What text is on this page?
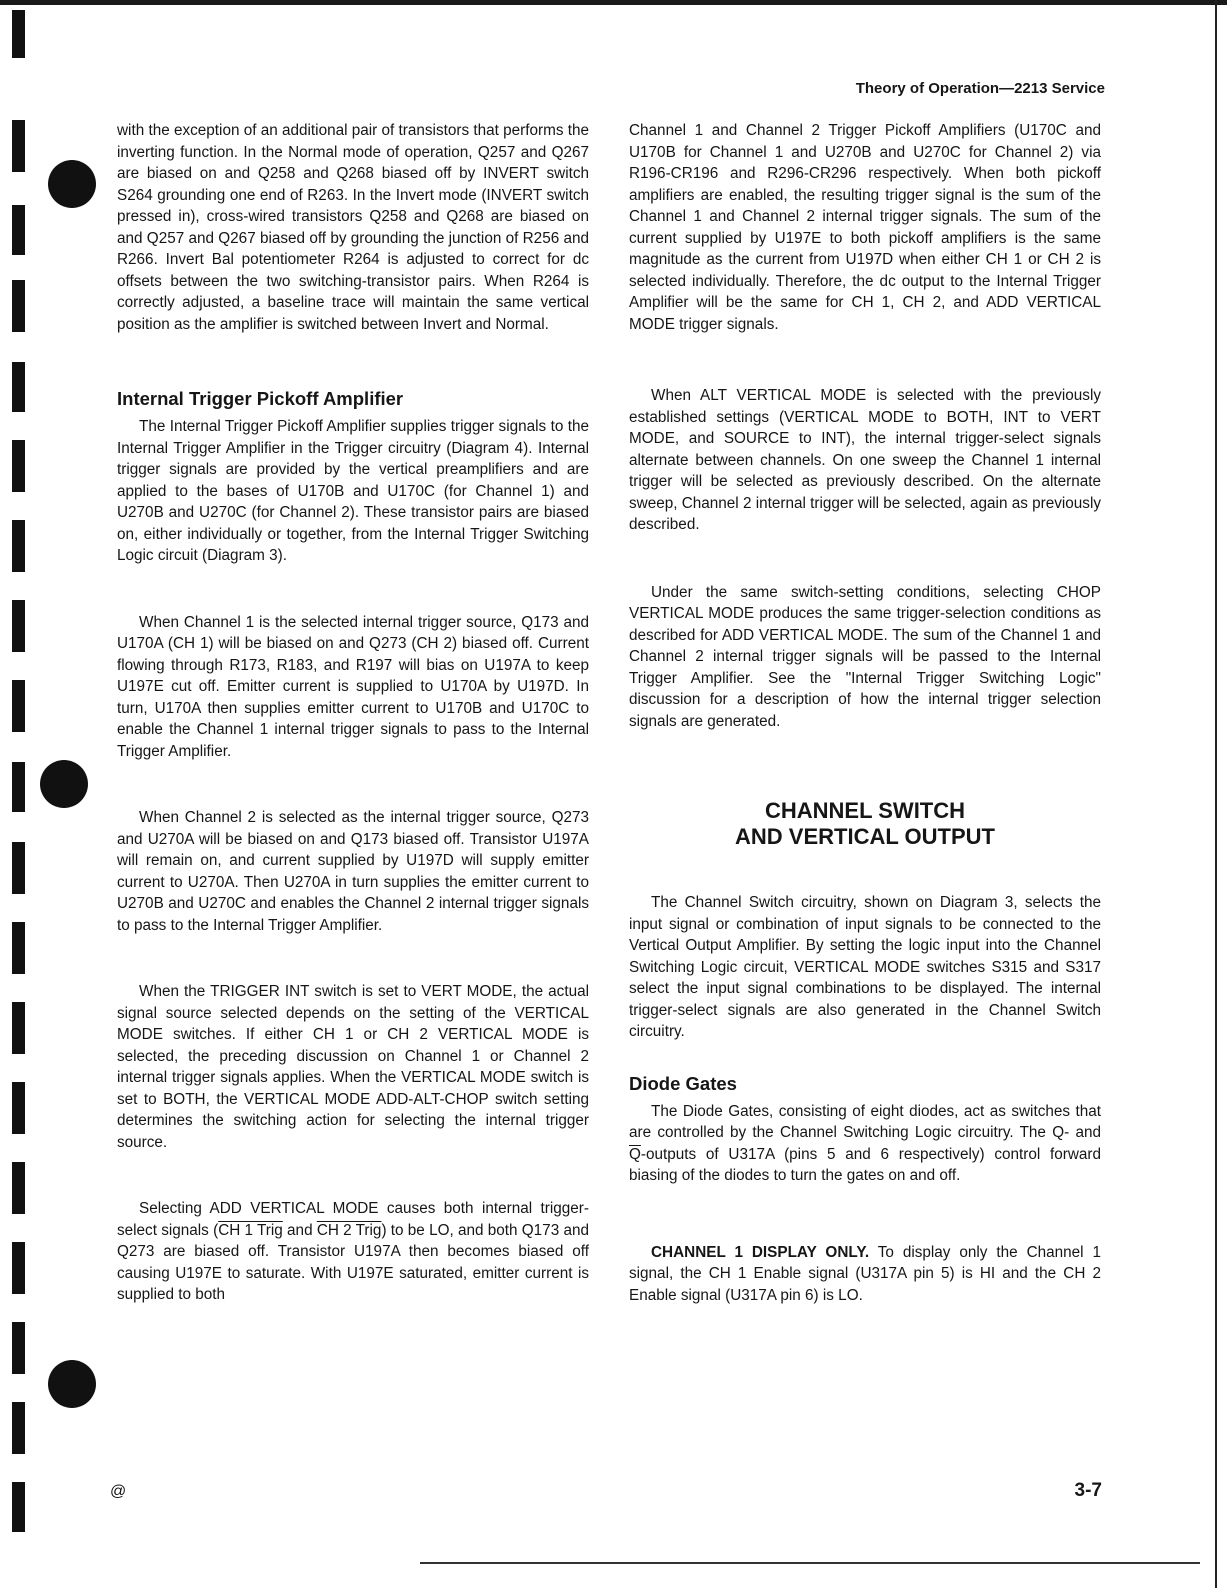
Theory of Operation—2213 Service

with the exception of an additional pair of transistors that performs the inverting function. In the Normal mode of operation, Q257 and Q267 are biased on and Q258 and Q268 biased off by INVERT switch S264 grounding one end of R263. In the Invert mode (INVERT switch pressed in), cross-wired transistors Q258 and Q268 are biased on and Q257 and Q267 biased off by grounding the junction of R256 and R266. Invert Bal potentiometer R264 is adjusted to correct for dc offsets between the two switching-transistor pairs. When R264 is correctly adjusted, a baseline trace will maintain the same vertical position as the amplifier is switched between Invert and Normal.

Internal Trigger Pickoff Amplifier

The Internal Trigger Pickoff Amplifier supplies trigger signals to the Internal Trigger Amplifier in the Trigger circuitry (Diagram 4). Internal trigger signals are provided by the vertical preamplifiers and are applied to the bases of U170B and U170C (for Channel 1) and U270B and U270C (for Channel 2). These transistor pairs are biased on, either individually or together, from the Internal Trigger Switching Logic circuit (Diagram 3).

When Channel 1 is the selected internal trigger source, Q173 and U170A (CH 1) will be biased on and Q273 (CH 2) biased off. Current flowing through R173, R183, and R197 will bias on U197A to keep U197E cut off. Emitter current is supplied to U170A by U197D. In turn, U170A then supplies emitter current to U170B and U170C to enable the Channel 1 internal trigger signals to pass to the Internal Trigger Amplifier.

When Channel 2 is selected as the internal trigger source, Q273 and U270A will be biased on and Q173 biased off. Transistor U197A will remain on, and current supplied by U197D will supply emitter current to U270A. Then U270A in turn supplies the emitter current to U270B and U270C and enables the Channel 2 internal trigger signals to pass to the Internal Trigger Amplifier.

When the TRIGGER INT switch is set to VERT MODE, the actual signal source selected depends on the setting of the VERTICAL MODE switches. If either CH 1 or CH 2 VERTICAL MODE is selected, the preceding discussion on Channel 1 or Channel 2 internal trigger signals applies. When the VERTICAL MODE switch is set to BOTH, the VERTICAL MODE ADD-ALT-CHOP switch setting determines the switching action for selecting the internal trigger source.

Selecting ADD VERTICAL MODE causes both internal trigger-select signals (CH 1 Trig and CH 2 Trig) to be LO, and both Q173 and Q273 are biased off. Transistor U197A then becomes biased off causing U197E to saturate. With U197E saturated, emitter current is supplied to both

Channel 1 and Channel 2 Trigger Pickoff Amplifiers (U170C and U170B for Channel 1 and U270B and U270C for Channel 2) via R196-CR196 and R296-CR296 respectively. When both pickoff amplifiers are enabled, the resulting trigger signal is the sum of the Channel 1 and Channel 2 internal trigger signals. The sum of the current supplied by U197E to both pickoff amplifiers is the same magnitude as the current from U197D when either CH 1 or CH 2 is selected individually. Therefore, the dc output to the Internal Trigger Amplifier will be the same for CH 1, CH 2, and ADD VERTICAL MODE trigger signals.

When ALT VERTICAL MODE is selected with the previously established settings (VERTICAL MODE to BOTH, INT to VERT MODE, and SOURCE to INT), the internal trigger-select signals alternate between channels. On one sweep the Channel 1 internal trigger will be selected as previously described. On the alternate sweep, Channel 2 internal trigger will be selected, again as previously described.

Under the same switch-setting conditions, selecting CHOP VERTICAL MODE produces the same trigger-selection conditions as described for ADD VERTICAL MODE. The sum of the Channel 1 and Channel 2 internal trigger signals will be passed to the Internal Trigger Amplifier. See the "Internal Trigger Switching Logic" discussion for a description of how the internal trigger selection signals are generated.

CHANNEL SWITCH
AND VERTICAL OUTPUT

The Channel Switch circuitry, shown on Diagram 3, selects the input signal or combination of input signals to be connected to the Vertical Output Amplifier. By setting the logic input into the Channel Switching Logic circuit, VERTICAL MODE switches S315 and S317 select the input signal combinations to be displayed. The internal trigger-select signals are also generated in the Channel Switch circuitry.

Diode Gates

The Diode Gates, consisting of eight diodes, act as switches that are controlled by the Channel Switching Logic circuitry. The Q- and $\overline{Q}$-outputs of U317A (pins 5 and 6 respectively) control forward biasing of the diodes to turn the gates on and off.

CHANNEL 1 DISPLAY ONLY. To display only the Channel 1 signal, the CH 1 Enable signal (U317A pin 5) is HI and the CH 2 Enable signal (U317A pin 6) is LO.

@	3-7
